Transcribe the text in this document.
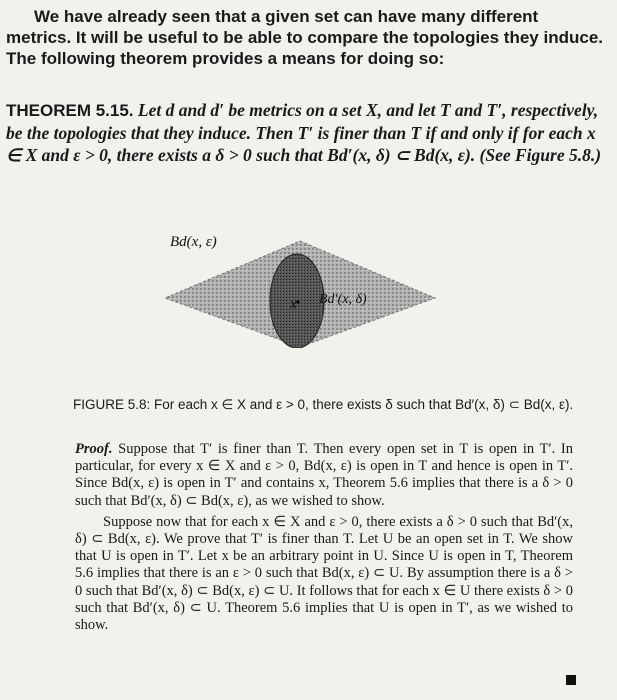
We have already seen that a given set can have many different metrics. It will be useful to be able to compare the topologies they induce. The following theorem provides a means for doing so:
THEOREM 5.15. Let d and d′ be metrics on a set X, and let T and T′, respectively, be the topologies that they induce. Then T′ is finer than T if and only if for each x ∈ X and ε > 0, there exists a δ > 0 such that Bd′(x, δ) ⊂ Bd(x, ε). (See Figure 5.8.)
x
Bd(x, ε)
Bd′(x, δ)
FIGURE 5.8: For each x ∈ X and ε > 0, there exists δ such that Bd′(x, δ) ⊂ Bd(x, ε).

Proof. Suppose that T′ is finer than T. Then every open set in T is open in T′. In particular, for every x ∈ X and ε > 0, Bd(x, ε) is open in T and hence is open in T′. Since Bd(x, ε) is open in T′ and contains x, Theorem 5.6 implies that there is a δ > 0 such that Bd′(x, δ) ⊂ Bd(x, ε), as we wished to show.

Suppose now that for each x ∈ X and ε > 0, there exists a δ > 0 such that Bd′(x, δ) ⊂ Bd(x, ε). We prove that T′ is finer than T. Let U be an open set in T. We show that U is open in T′. Let x be an arbitrary point in U. Since U is open in T, Theorem 5.6 implies that there is an ε > 0 such that Bd(x, ε) ⊂ U. By assumption there is a δ > 0 such that Bd′(x, δ) ⊂ Bd(x, ε) ⊂ U. It follows that for each x ∈ U there exists δ > 0 such that Bd′(x, δ) ⊂ U. Theorem 5.6 implies that U is open in T′, as we wished to show.
